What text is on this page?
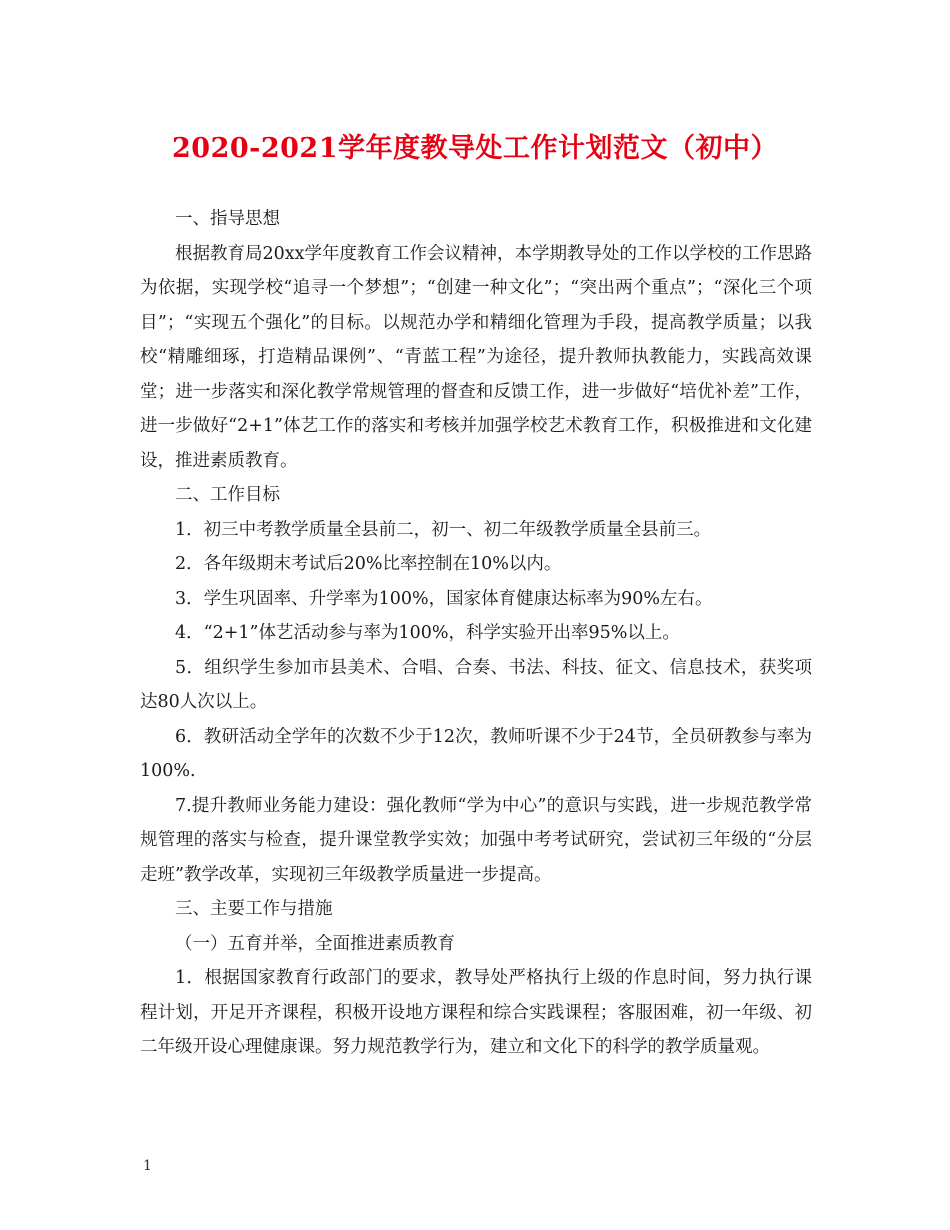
2020-2021学年度教导处工作计划范文（初中）

一、指导思想

根据教育局20xx学年度教育工作会议精神，本学期教导处的工作以学校的工作思路为依据，实现学校“追寻一个梦想”；“创建一种文化”；“突出两个重点”；“深化三个项目”；“实现五个强化”的目标。以规范办学和精细化管理为手段，提高教学质量；以我校“精雕细琢，打造精品课例”、“青蓝工程”为途径，提升教师执教能力，实践高效课堂；进一步落实和深化教学常规管理的督查和反馈工作，进一步做好“培优补差”工作，进一步做好“2+1”体艺工作的落实和考核并加强学校艺术教育工作，积极推进和文化建设，推进素质教育。

二、工作目标

1．初三中考教学质量全县前二，初一、初二年级教学质量全县前三。

2．各年级期末考试后20%比率控制在10%以内。

3．学生巩固率、升学率为100%，国家体育健康达标率为90%左右。

4．“2+1”体艺活动参与率为100%，科学实验开出率95%以上。

5．组织学生参加市县美术、合唱、合奏、书法、科技、征文、信息技术，获奖项达80人次以上。

6．教研活动全学年的次数不少于12次，教师听课不少于24节，全员研教参与率为100%.

7.提升教师业务能力建设：强化教师“学为中心”的意识与实践，进一步规范教学常规管理的落实与检查，提升课堂教学实效；加强中考考试研究，尝试初三年级的“分层走班”教学改革，实现初三年级教学质量进一步提高。

三、主要工作与措施

（一）五育并举，全面推进素质教育

1．根据国家教育行政部门的要求，教导处严格执行上级的作息时间，努力执行课程计划，开足开齐课程，积极开设地方课程和综合实践课程；客服困难，初一年级、初二年级开设心理健康课。努力规范教学行为，建立和文化下的科学的教学质量观。

1
